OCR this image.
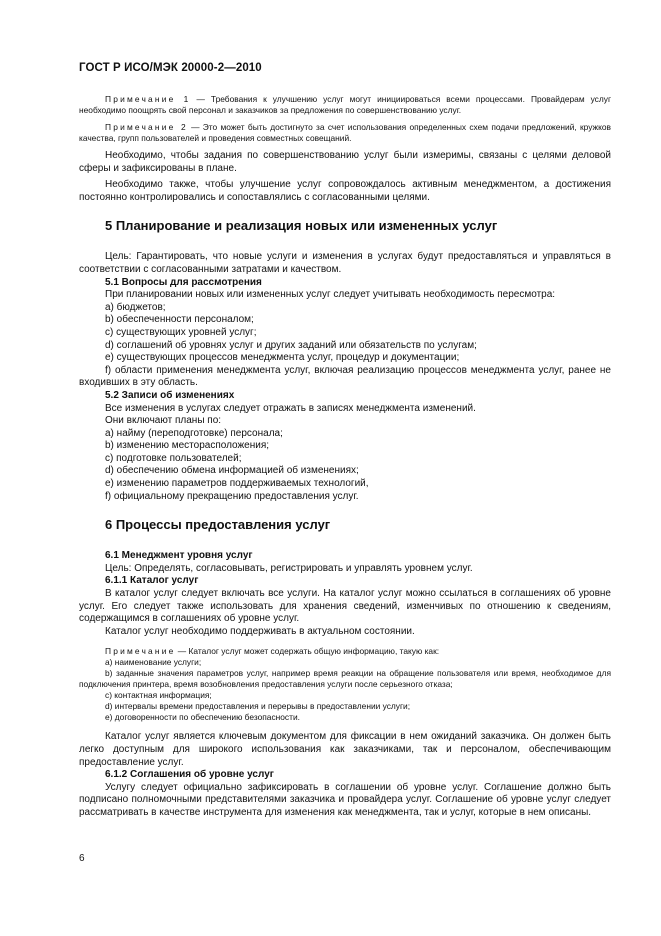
ГОСТ Р ИСО/МЭК 20000-2—2010
Примечание 1 — Требования к улучшению услуг могут инициироваться всеми процессами. Провайдерам услуг необходимо поощрять свой персонал и заказчиков за предложения по совершенствованию услуг.
Примечание 2 — Это может быть достигнуто за счет использования определенных схем подачи предложений, кружков качества, групп пользователей и проведения совместных совещаний.
Необходимо, чтобы задания по совершенствованию услуг были измеримы, связаны с целями деловой сферы и зафиксированы в плане.
Необходимо также, чтобы улучшение услуг сопровождалось активным менеджментом, а достижения постоянно контролировались и сопоставлялись с согласованными целями.
5 Планирование и реализация новых или измененных услуг
Цель: Гарантировать, что новые услуги и изменения в услугах будут предоставляться и управляться в соответствии с согласованными затратами и качеством.
5.1 Вопросы для рассмотрения
При планировании новых или измененных услуг следует учитывать необходимость пересмотра:
a) бюджетов;
b) обеспеченности персоналом;
c) существующих уровней услуг;
d) соглашений об уровнях услуг и других заданий или обязательств по услугам;
e) существующих процессов менеджмента услуг, процедур и документации;
f) области применения менеджмента услуг, включая реализацию процессов менеджмента услуг, ранее не входивших в эту область.
5.2 Записи об изменениях
Все изменения в услугах следует отражать в записях менеджмента изменений.
Они включают планы по:
a) найму (переподготовке) персонала;
b) изменению месторасположения;
c) подготовке пользователей;
d) обеспечению обмена информацией об изменениях;
e) изменению параметров поддерживаемых технологий,
f) официальному прекращению предоставления услуг.
6 Процессы предоставления услуг
6.1 Менеджмент уровня услуг
Цель: Определять, согласовывать, регистрировать и управлять уровнем услуг.
6.1.1 Каталог услуг
В каталог услуг следует включать все услуги. На каталог услуг можно ссылаться в соглашениях об уровне услуг. Его следует также использовать для хранения сведений, изменчивых по отношению к сведениям, содержащимся в соглашениях об уровне услуг.
Каталог услуг необходимо поддерживать в актуальном состоянии.
Примечание — Каталог услуг может содержать общую информацию, такую как:
a) наименование услуги;
b) заданные значения параметров услуг, например время реакции на обращение пользователя или время, необходимое для подключения принтера, время возобновления предоставления услуги после серьезного отказа;
c) контактная информация;
d) интервалы времени предоставления и перерывы в предоставлении услуги;
e) договоренности по обеспечению безопасности.
Каталог услуг является ключевым документом для фиксации в нем ожиданий заказчика. Он должен быть легко доступным для широкого использования как заказчиками, так и персоналом, обеспечивающим предоставление услуг.
6.1.2 Соглашения об уровне услуг
Услугу следует официально зафиксировать в соглашении об уровне услуг. Соглашение должно быть подписано полномочными представителями заказчика и провайдера услуг. Соглашение об уровне услуг следует рассматривать в качестве инструмента для изменения как менеджмента, так и услуг, которые в нем описаны.
6
